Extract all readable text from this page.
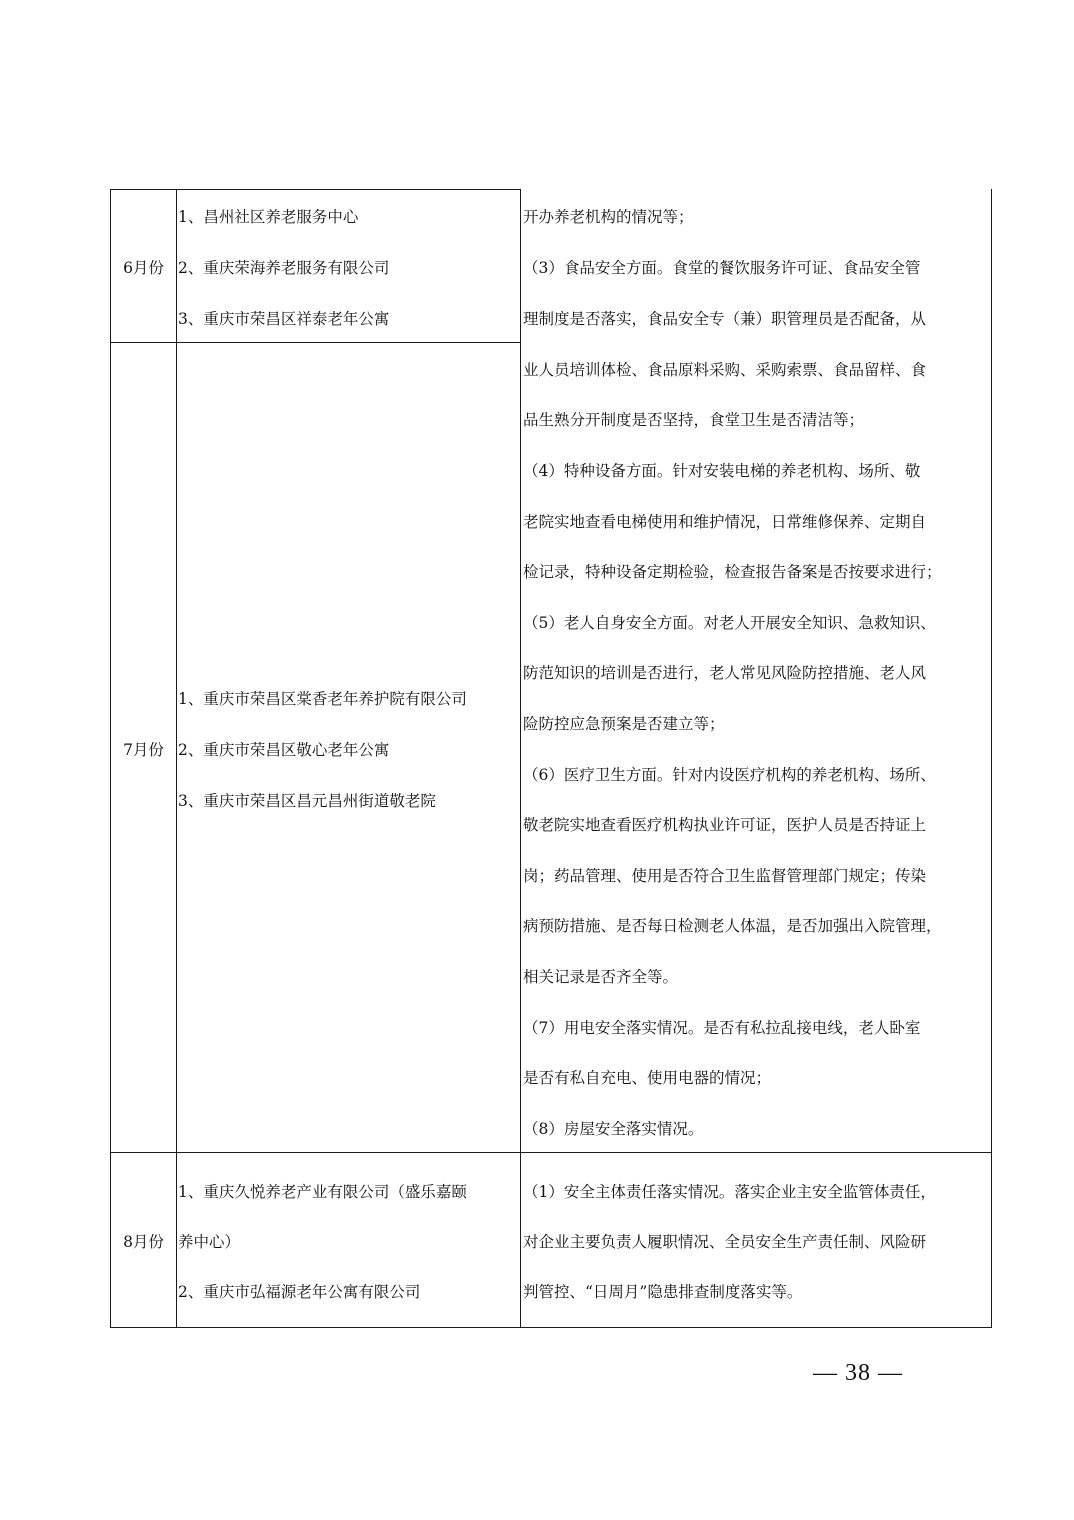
6月份
1、昌州社区养老服务中心
2、重庆荣海养老服务有限公司
3、重庆市荣昌区祥泰老年公寓
7月份
1、重庆市荣昌区棠香老年养护院有限公司
2、重庆市荣昌区敬心老年公寓
3、重庆市荣昌区昌元昌州街道敬老院
8月份
1、重庆久悦养老产业有限公司（盛乐嘉颐
养中心）
2、重庆市弘福源老年公寓有限公司
开办养老机构的情况等；
（3）食品安全方面。食堂的餐饮服务许可证、食品安全管
理制度是否落实，食品安全专（兼）职管理员是否配备，从
业人员培训体检、食品原料采购、采购索票、食品留样、食
品生熟分开制度是否坚持，食堂卫生是否清洁等；
（4）特种设备方面。针对安装电梯的养老机构、场所、敬
老院实地查看电梯使用和维护情况，日常维修保养、定期自
检记录，特种设备定期检验，检查报告备案是否按要求进行；
（5）老人自身安全方面。对老人开展安全知识、急救知识、
防范知识的培训是否进行，老人常见风险防控措施、老人风
险防控应急预案是否建立等；
（6）医疗卫生方面。针对内设医疗机构的养老机构、场所、
敬老院实地查看医疗机构执业许可证，医护人员是否持证上
岗；药品管理、使用是否符合卫生监督管理部门规定；传染
病预防措施、是否每日检测老人体温，是否加强出入院管理，
相关记录是否齐全等。
（7）用电安全落实情况。是否有私拉乱接电线，老人卧室
是否有私自充电、使用电器的情况；
（8）房屋安全落实情况。
（1）安全主体责任落实情况。落实企业主安全监管体责任，
对企业主要负责人履职情况、全员安全生产责任制、风险研
判管控、“日周月”隐患排查制度落实等。
— 38 —
